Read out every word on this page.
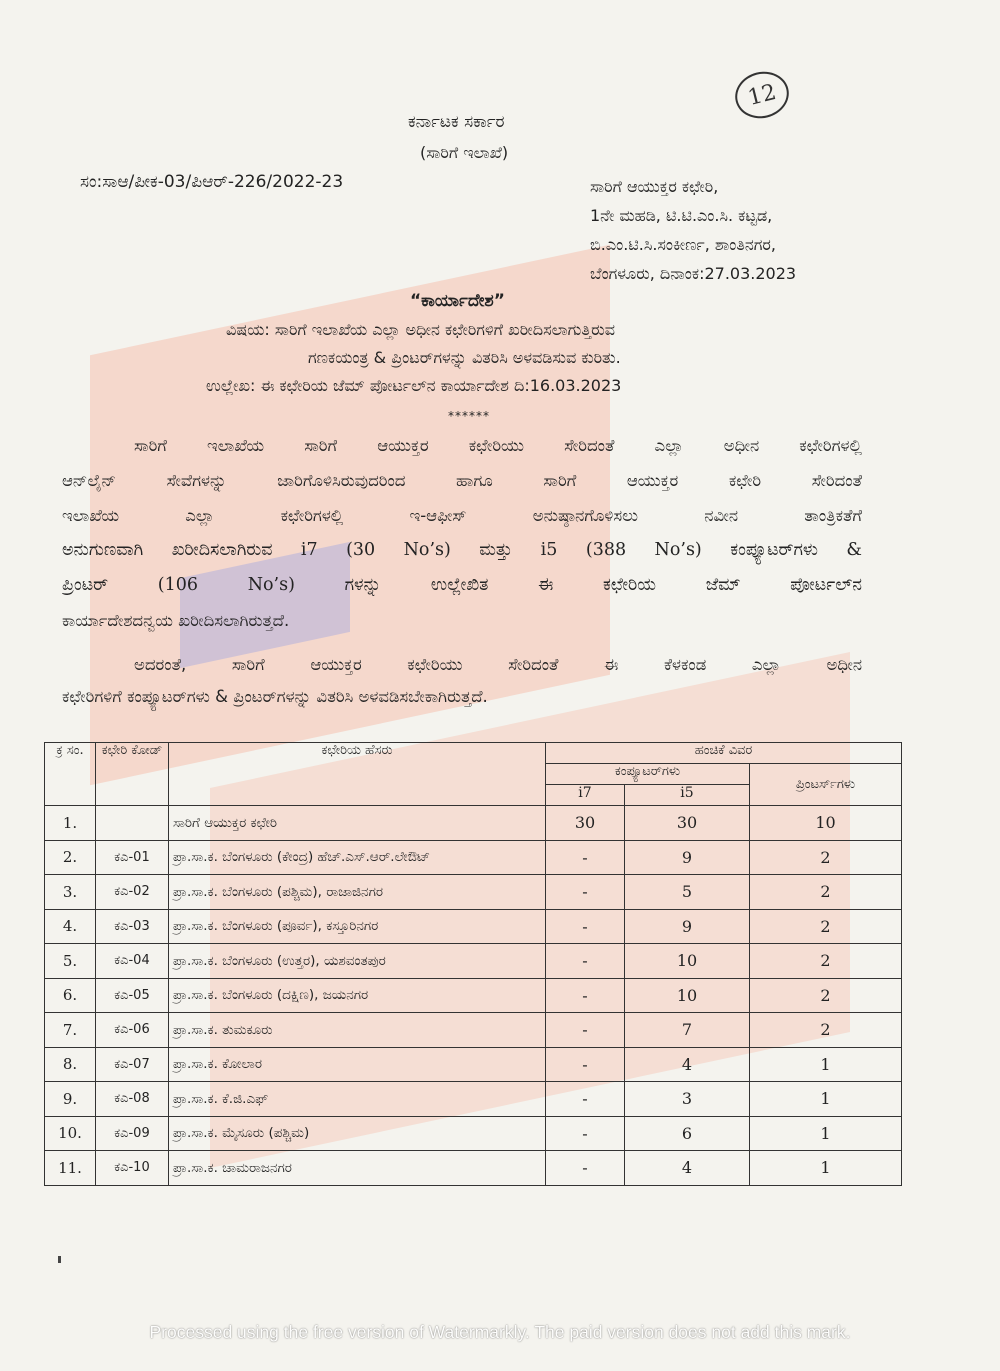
12
ಕರ್ನಾಟಕ ಸರ್ಕಾರ
(ಸಾರಿಗೆ ಇಲಾಖೆ)
ಸಂ:ಸಾಆ/ಪೀಕ-03/ಪಿಆರ್-226/2022-23	ಸಾರಿಗೆ ಆಯುಕ್ತರ ಕಛೇರಿ,
1ನೇ ಮಹಡಿ, ಟಿ.ಟಿ.ಎಂ.ಸಿ. ಕಟ್ಟಡ,
ಬಿ.ಎಂ.ಟಿ.ಸಿ.ಸಂಕೀರ್ಣ, ಶಾಂತಿನಗರ,
ಬೆಂಗಳೂರು, ದಿನಾಂಕ:27.03.2023
“ಕಾರ್ಯಾದೇಶ”
ವಿಷಯ: ಸಾರಿಗೆ ಇಲಾಖೆಯ ಎಲ್ಲಾ ಅಧೀನ ಕಛೇರಿಗಳಿಗೆ ಖರೀದಿಸಲಾಗುತ್ತಿರುವ
ಗಣಕಯಂತ್ರ & ಪ್ರಿಂಟರ್‌ಗಳನ್ನು ವಿತರಿಸಿ ಅಳವಡಿಸುವ ಕುರಿತು.
ಉಲ್ಲೇಖ: ಈ ಕಛೇರಿಯ ಜೆಮ್ ಪೋರ್ಟಲ್‌ನ ಕಾರ್ಯಾದೇಶ ದಿ:16.03.2023
******
ಸಾರಿಗೆ ಇಲಾಖೆಯ ಸಾರಿಗೆ ಆಯುಕ್ತರ ಕಛೇರಿಯು ಸೇರಿದಂತೆ ಎಲ್ಲಾ ಅಧೀನ ಕಛೇರಿಗಳಲ್ಲಿ
ಆನ್‌ಲೈನ್ ಸೇವೆಗಳನ್ನು ಜಾರಿಗೊಳಿಸಿರುವುದರಿಂದ ಹಾಗೂ ಸಾರಿಗೆ ಆಯುಕ್ತರ ಕಛೇರಿ ಸೇರಿದಂತೆ
ಇಲಾಖೆಯ ಎಲ್ಲಾ ಕಛೇರಿಗಳಲ್ಲಿ ಇ-ಆಫೀಸ್ ಅನುಷ್ಠಾನಗೊಳಿಸಲು ನವೀನ ತಾಂತ್ರಿಕತೆಗೆ
ಅನುಗುಣವಾಗಿ ಖರೀದಿಸಲಾಗಿರುವ i7 (30 No’s) ಮತ್ತು i5 (388 No’s) ಕಂಪ್ಯೂಟರ್‌ಗಳು &
ಪ್ರಿಂಟರ್ (106 No’s) ಗಳನ್ನು ಉಲ್ಲೇಖಿತ ಈ ಕಛೇರಿಯ ಜೆಮ್ ಪೋರ್ಟಲ್‌ನ
ಕಾರ್ಯಾದೇಶದನ್ವಯ ಖರೀದಿಸಲಾಗಿರುತ್ತದೆ.
ಅದರಂತೆ, ಸಾರಿಗೆ ಆಯುಕ್ತರ ಕಛೇರಿಯು ಸೇರಿದಂತೆ ಈ ಕೆಳಕಂಡ ಎಲ್ಲಾ ಅಧೀನ
ಕಛೇರಿಗಳಿಗೆ ಕಂಪ್ಯೂಟರ್‌ಗಳು & ಪ್ರಿಂಟರ್‌ಗಳನ್ನು ವಿತರಿಸಿ ಅಳವಡಿಸಬೇಕಾಗಿರುತ್ತದೆ.
ಕ್ರ ಸಂ.	ಕಛೇರಿ ಕೋಡ್	ಕಛೇರಿಯ ಹೆಸರು	ಹಂಚಿಕೆ ವಿವರ		
			ಕಂಪ್ಯೂಟರ್‌ಗಳು		ಪ್ರಿಂಟರ್ಸ್‌ಗಳು
			i7	i5	
1.		ಸಾರಿಗೆ ಆಯುಕ್ತರ ಕಛೇರಿ	30	30	10
2.	ಕಎ-01	ಪ್ರಾ.ಸಾ.ಕ. ಬೆಂಗಳೂರು (ಕೇಂದ್ರ) ಹೆಚ್.ಎಸ್.ಆರ್.ಲೇಔಟ್	-	9	2
3.	ಕಎ-02	ಪ್ರಾ.ಸಾ.ಕ. ಬೆಂಗಳೂರು (ಪಶ್ಚಿಮ), ರಾಜಾಜಿನಗರ	-	5	2
4.	ಕಎ-03	ಪ್ರಾ.ಸಾ.ಕ. ಬೆಂಗಳೂರು (ಪೂರ್ವ), ಕಸ್ತೂರಿನಗರ	-	9	2
5.	ಕಎ-04	ಪ್ರಾ.ಸಾ.ಕ. ಬೆಂಗಳೂರು (ಉತ್ತರ), ಯಶವಂತಪುರ	-	10	2
6.	ಕಎ-05	ಪ್ರಾ.ಸಾ.ಕ. ಬೆಂಗಳೂರು (ದಕ್ಷಿಣ), ಜಯನಗರ	-	10	2
7.	ಕಎ-06	ಪ್ರಾ.ಸಾ.ಕ. ತುಮಕೂರು	-	7	2
8.	ಕಎ-07	ಪ್ರಾ.ಸಾ.ಕ. ಕೋಲಾರ	-	4	1
9.	ಕಎ-08	ಪ್ರಾ.ಸಾ.ಕ. ಕೆ.ಜಿ.ಎಫ್	-	3	1
10.	ಕಎ-09	ಪ್ರಾ.ಸಾ.ಕ. ಮೈಸೂರು (ಪಶ್ಚಿಮ)	-	6	1
11.	ಕಎ-10	ಪ್ರಾ.ಸಾ.ಕ. ಚಾಮರಾಜನಗರ	-	4	1
Processed using the free version of Watermarkly. The paid version does not add this mark.
